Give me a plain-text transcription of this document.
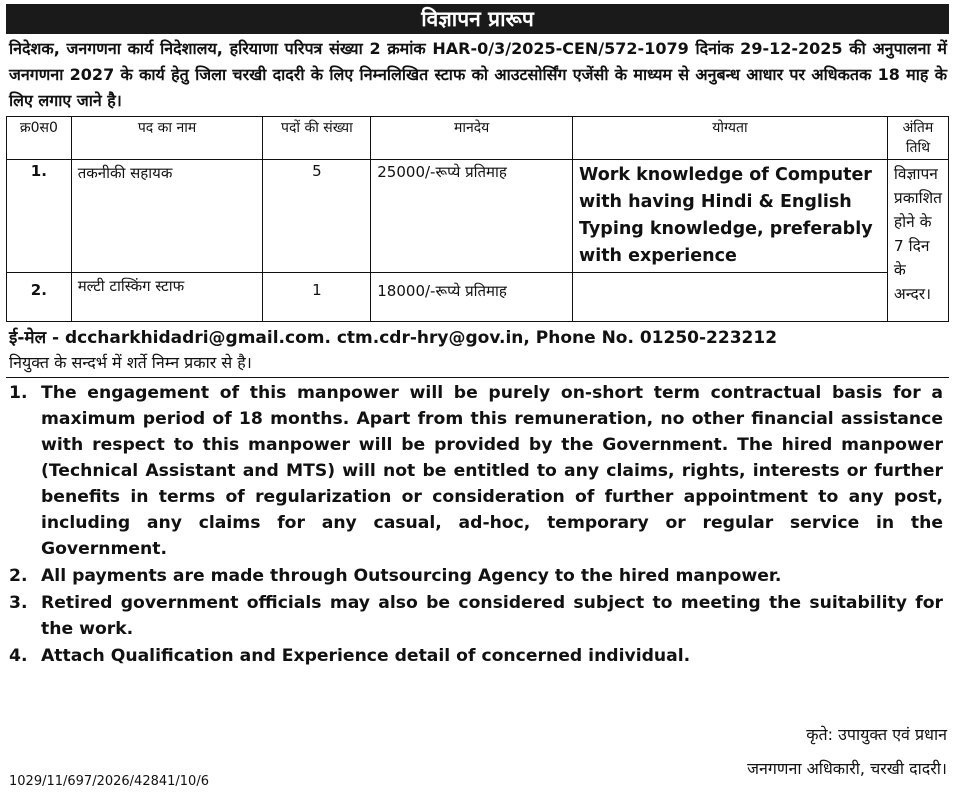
विज्ञापन प्रारूप
निदेशक, जनगणना कार्य निदेशालय, हरियाणा परिपत्र संख्या 2 क्रमांक HAR-0/3/2025-CEN/572-1079 दिनांक 29-12-2025 की अनुपालना में जनगणना 2027 के कार्य हेतु जिला चरखी दादरी के लिए निम्नलिखित स्टाफ को आउटसोर्सिंग एजेंसी के माध्यम से अनुबन्ध आधार पर अधिकतक 18 माह के लिए लगाए जाने है।
क्र0स0	पद का नाम	पदों की संख्या	मानदेय	योग्यता	अंतिम तिथि
1.	तकनीकी सहायक	5	25000/-रूप्ये प्रतिमाह	Work knowledge of Computer with having Hindi & English Typing knowledge, preferably with experience	विज्ञापन प्रकाशित होने के 7 दिन के अन्दर।
2.	मल्टी टास्किंग स्टाफ	1	18000/-रूप्ये प्रतिमाह		
ई-मेल - dccharkhidadri@gmail.com. ctm.cdr-hry@gov.in, Phone No. 01250-223212
नियुक्त के सन्दर्भ में शर्ते निम्न प्रकार से है।
1. The engagement of this manpower will be purely on-short term contractual basis for a maximum period of 18 months. Apart from this remuneration, no other financial assistance with respect to this manpower will be provided by the Government. The hired manpower (Technical Assistant and MTS) will not be entitled to any claims, rights, interests or further benefits in terms of regularization or consideration of further appointment to any post, including any claims for any casual, ad-hoc, temporary or regular service in the Government.
2. All payments are made through Outsourcing Agency to the hired manpower.
3. Retired government officials may also be considered subject to meeting the suitability for the work.
4. Attach Qualification and Experience detail of concerned individual.
कृते: उपायुक्त एवं प्रधान
जनगणना अधिकारी, चरखी दादरी।
1029/11/697/2026/42841/10/6
